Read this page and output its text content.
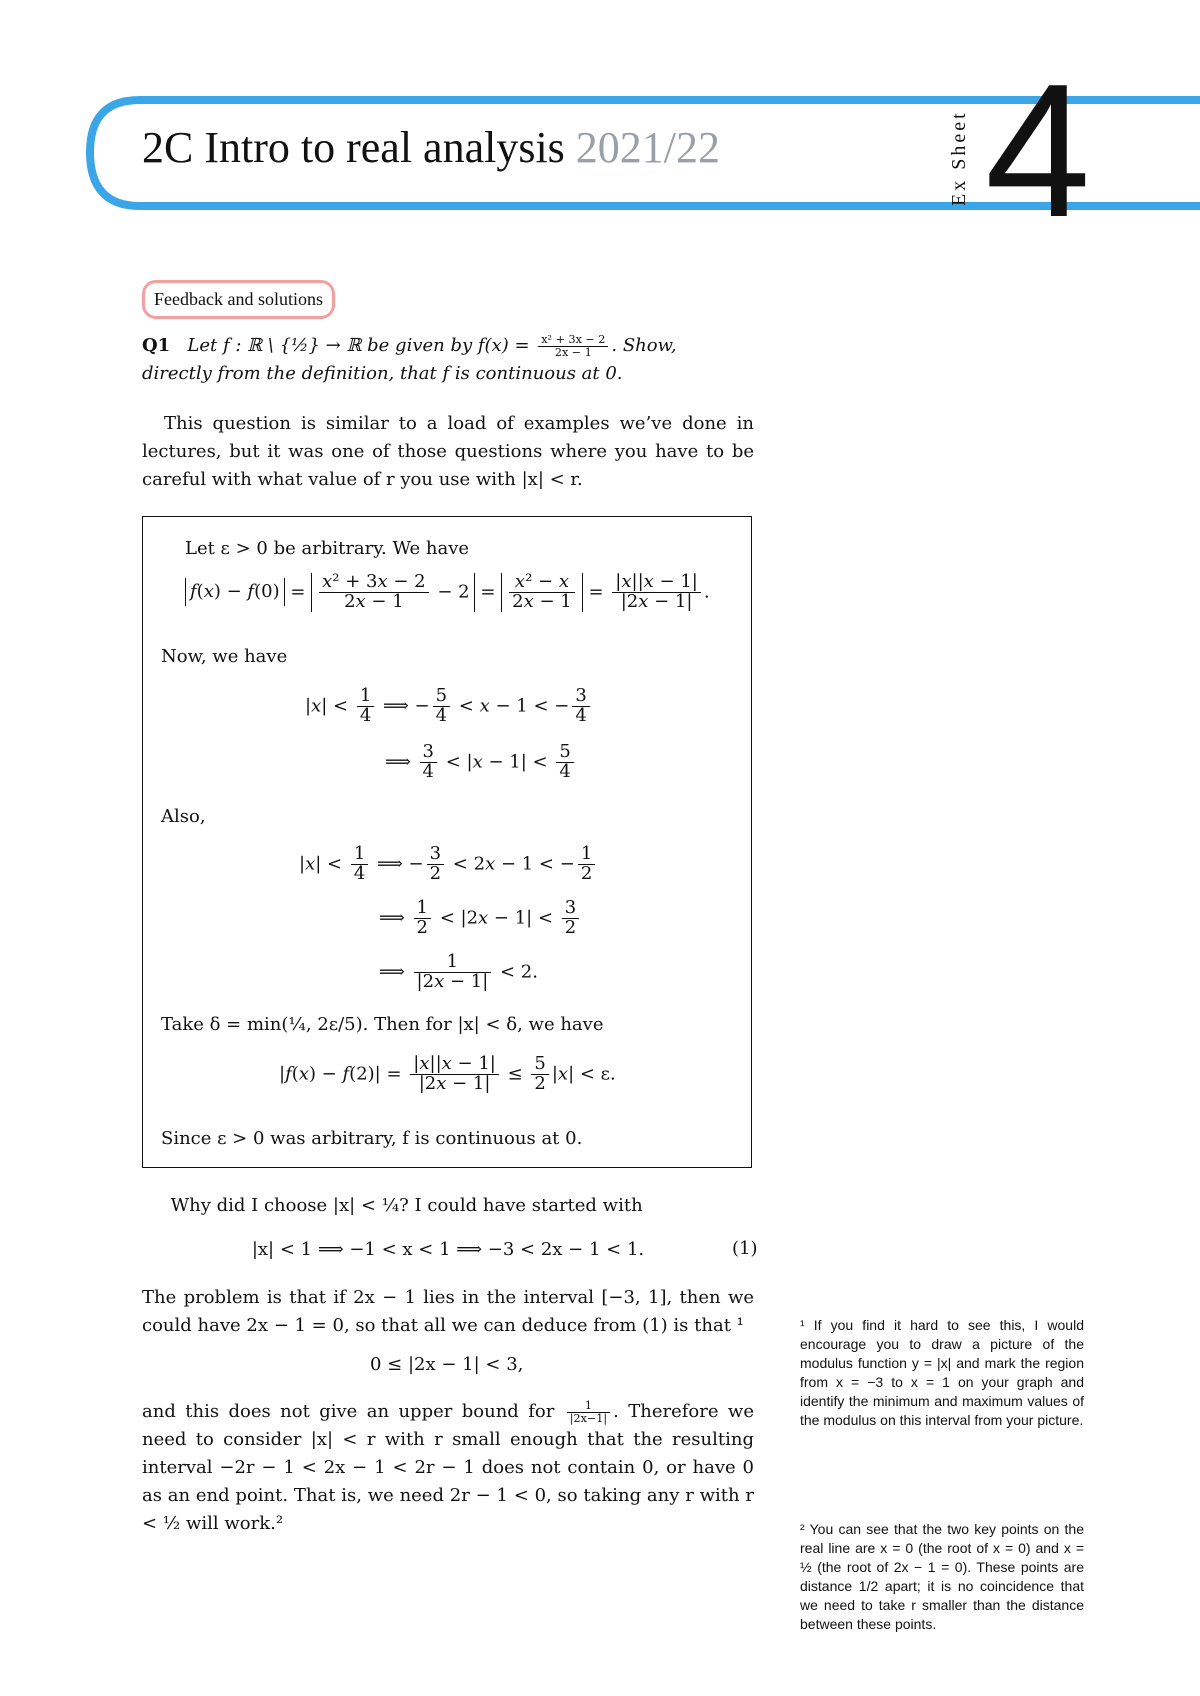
2C Intro to real analysis 2021/22	Ex Sheet 4
Feedback and solutions
Q1 Let f : ℝ \ {½} → ℝ be given by $f(x) = \frac{\text{x² + 3x − 2}}{2x - 1}$ . Show, directly from the definition, that f is continuous at 0.
This question is similar to a load of examples we’ve done in lectures, but it was one of those questions where you have to be careful with what value of r you use with |x| < r.
Let ε > 0 be arbitrary. We have
$f(x) - f(0) = \frac{\text{x² + 3x − 2}}{2x - 1} - 2 = \frac{\text{x² − x}}{2x - 1} = \frac{|x||x - 1|}{|2x - 1|}$ .
Now, we have
$|x| < \frac{1}{4}$ ⟹ − $\frac{5}{4} < x - 1$ < − $\frac{3}{4}$
⟹ $\frac{3}{4} < |x - 1| < \frac{5}{4}$
Also,
$|x| < \frac{1}{4}$ ⟹ − $\frac{3}{2} < 2x - 1$ < − $\frac{1}{2}$
⟹ $\frac{1}{2} < |2x - 1| < \frac{3}{2}$
⟹ $\frac{1}{|2x - 1|} < 2$.
Take δ = min(¼, 2ε/5). Then for |x| < δ, we have
$|f(x) - f(2)| = \frac{|x||x - 1|}{|2x - 1|} \le \frac{5}{2} |x| < \varepsilon$.
Since ε > 0 was arbitrary, f is continuous at 0.
Why did I choose |x| < ¼? I could have started with
|x| < 1 ⟹ −1 < x < 1 ⟹ −3 < 2x − 1 < 1.	(1)
The problem is that if 2x − 1 lies in the interval [−3, 1], then we could have 2x − 1 = 0, so that all we can deduce from (1) is that ¹
0 ≤ |2x − 1| < 3,
and this does not give an upper bound for $\frac{1}{|2x-1|}$ . Therefore we need to consider |x| < r with r small enough that the resulting interval −2r − 1 < 2x − 1 < 2r − 1 does not contain 0, or have 0 as an end point. That is, we need 2r − 1 < 0, so taking any r with r < ½ will work.²
¹ If you find it hard to see this, I would encourage you to draw a picture of the modulus function y = |x| and mark the region from x = −3 to x = 1 on your graph and identify the minimum and maximum values of the modulus on this interval from your picture.
² You can see that the two key points on the real line are x = 0 (the root of x = 0) and x = ½ (the root of 2x − 1 = 0). These points are distance 1/2 apart; it is no coincidence that we need to take r smaller than the distance between these points.
